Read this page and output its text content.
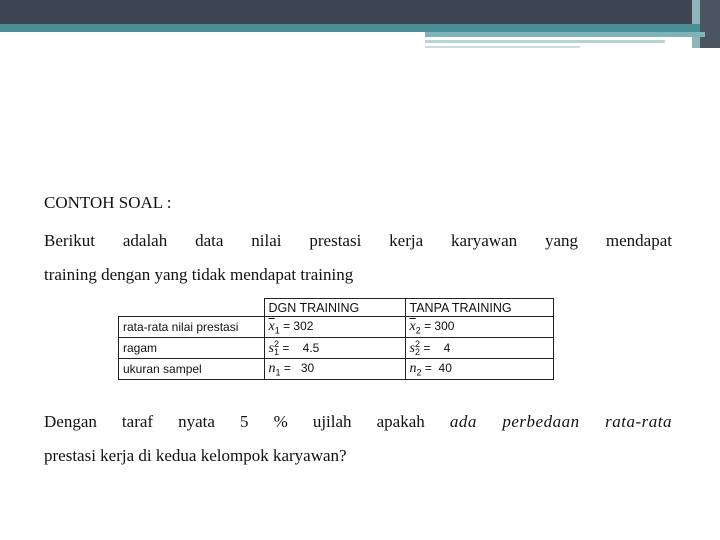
CONTOH SOAL :
Berikut adalah data nilai prestasi kerja karyawan yang mendapat
training dengan yang tidak mendapat training
	DGN TRAINING	TANPA TRAINING
rata-rata nilai prestasi	$\overline{x}_1 = 302$	$\overline{x}_2 = 300$
ragam	$s^2_1$ =    4.5	$s^2_2$ =    4
ukuran sampel	$n_1 = 30$	$n_2 = 40$
Dengan taraf nyata 5 % ujilah apakah ada perbedaan rata-rata
prestasi kerja di kedua kelompok karyawan?
